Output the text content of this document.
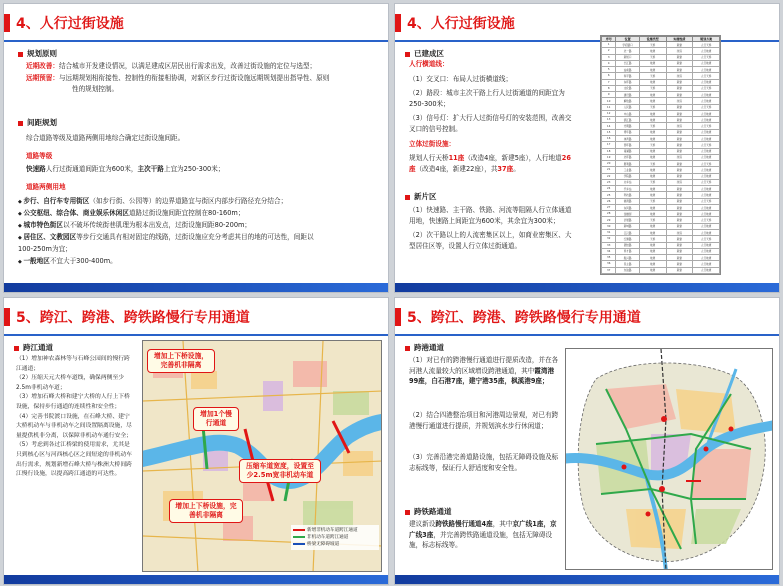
4、人行过街设施
规划原则
近期改善：结合城市开发建设情况，以满足建成区居民出行需求出发，改善过街设施的定位与选型；
远期预留：与远期规划相衔接性、控制性的衔接相协调，对新区步行过街设施远期规划提出指导性、原则
性的规划控制。
间距规划
综合道路等级及道路两侧用地综合确定过街设施间距。
道路等级
快速路人行过街通道间距宜为600米，主次干路上宜为250-300米；
道路两侧用地
◆ 步行、自行车专用街区（如步行街、公园等）的边界道路宜与街区内部步行路径充分结合；
◆ 公交枢纽、综合体、商业娱乐休闲区道路过街设施间距宜控制在80-160m；
◆ 城市特色街区以不破坏传统街巷肌理为根本出发点，过街设施间距80-200m；
◆ 居住区、文教园区等步行交通具有相对固定的线路，过街设施应充分考虑其目的地的可达性，间距以
100-250m为宜；
◆ 一般地区不宜大于300-400m。
4、人行过街设施
已建成区
人行横道线：
（1）交叉口：布局人过街横道线；
（2）路段：城市主次干路上行人过街通道的间距宜为250-300米；
（3）信号灯：扩大行人过街信号灯的安装范围，改善交叉口的信号控制。
立体过街设施：
规划人行天桥11座（改造4座，新建5座），人行地道26座（改造4座，新建22座），共37座。
新片区
（1）快速路、主干路、铁路、河流等阻隔人行立体通道用地，快速路上间距宜为600米，其余宜为300米；
（2）次干路以上的人流密集区以上，如商业密集区、大型居住区等，设置人行立体过街通道。
序号	位置	设施类型	实施性质	规划方案
1	学府路口	天桥	新建	人行天桥
2	北一路	地道	改造	人行地道
3	新街口	天桥	新建	人行天桥
4	长江路	地道	新建	人行地道
5	站前路	地道	新建	人行地道
6	和平路	天桥	改造	人行天桥
7	东环路	地道	新建	人行地道
8	文化路	天桥	新建	人行天桥
9	建设路	地道	新建	人行地道
10	解放路	地道	改造	人行地道
11	人民路	天桥	新建	人行天桥
12	中山路	地道	新建	人行地道
13	滨江路	地道	新建	人行地道
14	光明路	天桥	改造	人行天桥
15	青年路	地道	新建	人行地道
16	体育路	地道	新建	人行地道
17	西环路	天桥	新建	人行天桥
18	南湖路	地道	新建	人行地道
19	北环路	地道	改造	人行地道
20	胜利路	天桥	新建	人行天桥
21	工业路	地道	新建	人行地道
22	学院路	地道	新建	人行地道
23	火车站	天桥	改造	人行天桥
24	汽车站	地道	新建	人行地道
25	科技路	地道	新建	人行地道
26	港湾路	天桥	新建	人行天桥
27	东风路	地道	新建	人行地道
28	金融街	地道	新建	人行地道
29	会展路	天桥	新建	人行天桥
30	新城路	地道	新建	人行地道
31	江汉路	地道	改造	人行地道
32	红旗路	天桥	新建	人行天桥
33	团结路	地道	新建	人行地道
34	育才路	地道	新建	人行地道
35	振兴路	地道	新建	人行地道
36	民主路	地道	新建	人行地道
37	友谊路	地道	新建	人行地道
5、跨江、跨港、跨铁路慢行专用通道
跨江通道
（1）增加神农森林等与石峰公园间的慢行跨江通道；
（2）压缩天元大桥车道线，确保两侧至少2.5m非机动车道；
（3）增加石峰大桥和建宁大桥的人行上下桥设施，保持步行通道的连续性和安全性；
（4）完善书院渡口设施，在石峰大桥、建宁大桥机动车与非机动车之间设置隔离设施，尽量提供机非分离，以保障非机动车通行安全；
（5）考虑到各过江桥梁的使用需求，尤其是只到核心区与河西核心区之间短途的非机动车出行需求，规划新增石峰大桥与株洲大桥间跨江慢行设施，以提高跨江通道的可达性。
增加上下桥设施，完善机非隔离
增加1个慢行通道
压缩车道宽度，设置至少2.5m宽非机动车道
增加上下桥设施，完善机非隔离
新增非机动车道跨江通道
非机动车道跨江通道
桥梁无障碍坡道
5、跨江、跨港、跨铁路慢行专用通道
跨港通道
（1）对已有的跨港慢行通道进行提质改造，并在各河港人流量较大的区域增设跨港通道，其中霞湾港99座，白石港7座，建宁港35座，枫溪港9座；
（2）结合四港整治项目和河港周边景观，对已有跨港慢行通道进行提质，并规划滨水步行休闲道；
（3）完善沿港完善道路设施，包括无障碍设施及标志标线等，保证行人舒适度和安全性。
跨铁路通道
建议新设跨铁路慢行通道4座，其中京广线1座，京广线3座，并完善跨铁路通道设施，包括无障碍设施，标志标线等。
